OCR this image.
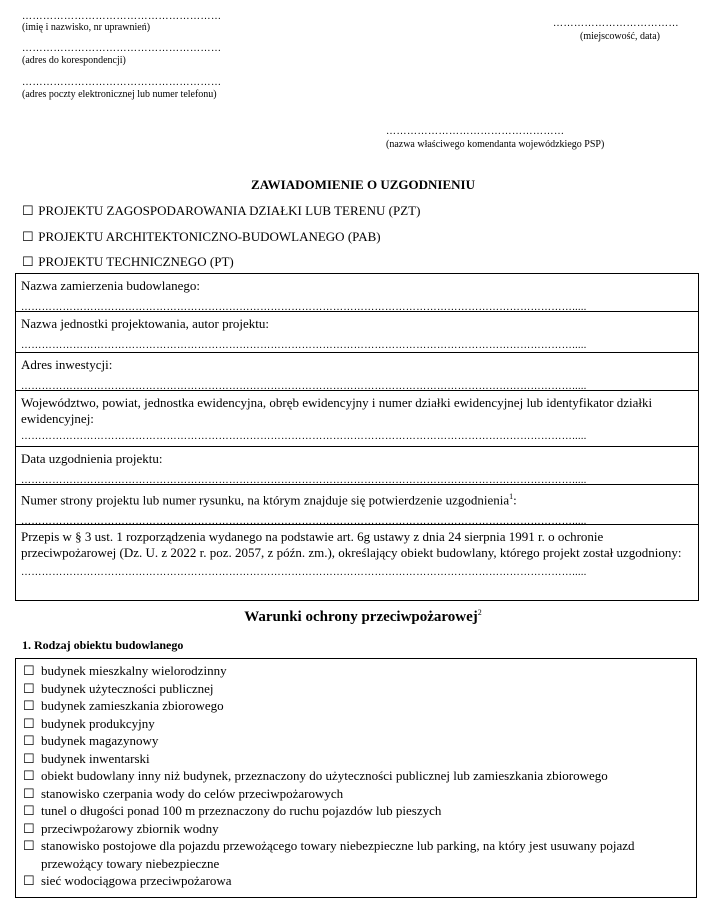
…………………………………………………
(imię i nazwisko, nr uprawnień)
…………………………………………………
(adres do korespondencji)
…………………………………………………
(adres poczty elektronicznej lub numer telefonu)
………………………………
(miejscowość, data)
……………………………………………
(nazwa właściwego komendanta wojewódzkiego PSP)
ZAWIADOMIENIE O UZGODNIENIU
☐ PROJEKTU ZAGOSPODAROWANIA DZIAŁKI LUB TERENU (PZT)
☐ PROJEKTU ARCHITEKTONICZNO-BUDOWLANEGO (PAB)
☐ PROJEKTU TECHNICZNEGO (PT)
Nazwa zamierzenia budowlanego:
…………………………………………………………………………………………………………………………………………….....
Nazwa jednostki projektowania, autor projektu:
…………………………………………………………………………………………………………………………………………….....
Adres inwestycji:
…………………………………………………………………………………………………………………………………………….....
Województwo, powiat, jednostka ewidencyjna, obręb ewidencyjny i numer działki ewidencyjnej lub identyfikator działki ewidencyjnej:
…………………………………………………………………………………………………………………………………………….....
Data uzgodnienia projektu:
…………………………………………………………………………………………………………………………………………….....
Numer strony projektu lub numer rysunku, na którym znajduje się potwierdzenie uzgodnienia$^1$:
…………………………………………………………………………………………………………………………………………….....
Przepis w § 3 ust. 1 rozporządzenia wydanego na podstawie art. 6g ustawy z dnia 24 sierpnia 1991 r. o ochronie przeciwpożarowej (Dz. U. z 2022 r. poz. 2057, z późn. zm.), określający obiekt budowlany, którego projekt został uzgodniony:
…………………………………………………………………………………………………………………………………………….....
Warunki ochrony przeciwpożarowej$^2$
1. Rodzaj obiektu budowlanego
☐ budynek mieszkalny wielorodzinny
☐ budynek użyteczności publicznej
☐ budynek zamieszkania zbiorowego
☐ budynek produkcyjny
☐ budynek magazynowy
☐ budynek inwentarski
☐ obiekt budowlany inny niż budynek, przeznaczony do użyteczności publicznej lub zamieszkania zbiorowego
☐ stanowisko czerpania wody do celów przeciwpożarowych
☐ tunel o długości ponad 100 m przeznaczony do ruchu pojazdów lub pieszych
☐ przeciwpożarowy zbiornik wodny
☐ stanowisko postojowe dla pojazdu przewożącego towary niebezpieczne lub parking, na który jest usuwany pojazd przewożący towary niebezpieczne
☐ sieć wodociągowa przeciwpożarowa
